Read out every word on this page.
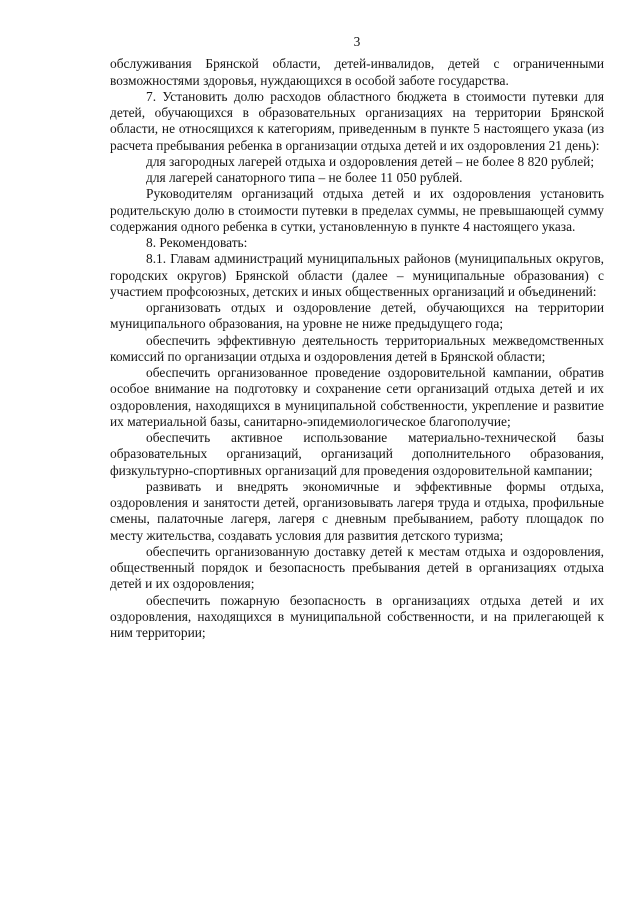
3

обслуживания Брянской области, детей-инвалидов, детей с ограниченными возможностями здоровья, нуждающихся в особой заботе государства.

7. Установить долю расходов областного бюджета в стоимости путевки для детей, обучающихся в образовательных организациях на территории Брянской области, не относящихся к категориям, приведенным в пункте 5 настоящего указа (из расчета пребывания ребенка в организации отдыха детей и их оздоровления 21 день):

для загородных лагерей отдыха и оздоровления детей – не более 8 820 рублей;

для лагерей санаторного типа – не более 11 050 рублей.

Руководителям организаций отдыха детей и их оздоровления установить родительскую долю в стоимости путевки в пределах суммы, не превышающей сумму содержания одного ребенка в сутки, установленную в пункте 4 настоящего указа.

8. Рекомендовать:

8.1. Главам администраций муниципальных районов (муниципальных округов, городских округов) Брянской области (далее – муниципальные образования) с участием профсоюзных, детских и иных общественных организаций и объединений:

организовать отдых и оздоровление детей, обучающихся на территории муниципального образования, на уровне не ниже предыдущего года;

обеспечить эффективную деятельность территориальных межведомственных комиссий по организации отдыха и оздоровления детей в Брянской области;

обеспечить организованное проведение оздоровительной кампании, обратив особое внимание на подготовку и сохранение сети организаций отдыха детей и их оздоровления, находящихся в муниципальной собственности, укрепление и развитие их материальной базы, санитарно-эпидемиологическое благополучие;

обеспечить активное использование материально-технической базы образовательных организаций, организаций дополнительного образования, физкультурно-спортивных организаций для проведения оздоровительной кампании;

развивать и внедрять экономичные и эффективные формы отдыха, оздоровления и занятости детей, организовывать лагеря труда и отдыха, профильные смены, палаточные лагеря, лагеря с дневным пребыванием, работу площадок по месту жительства, создавать условия для развития детского туризма;

обеспечить организованную доставку детей к местам отдыха и оздоровления, общественный порядок и безопасность пребывания детей в организациях отдыха детей и их оздоровления;

обеспечить пожарную безопасность в организациях отдыха детей и их оздоровления, находящихся в муниципальной собственности, и на прилегающей к ним территории;
